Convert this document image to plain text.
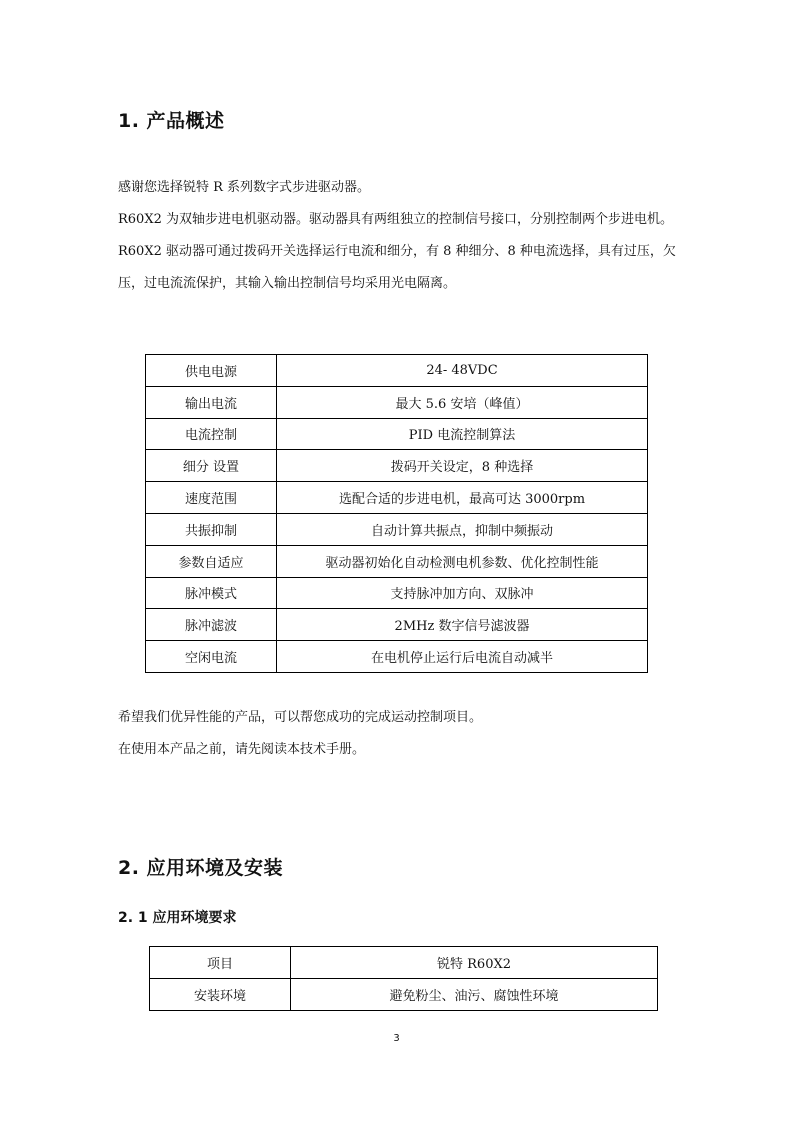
1. 产品概述

感谢您选择锐特 R 系列数字式步进驱动器。

R60X2 为双轴步进电机驱动器。驱动器具有两组独立的控制信号接口，分别控制两个步进电机。

R60X2 驱动器可通过拨码开关选择运行电流和细分，有 8 种细分、8 种电流选择，具有过压，欠压，过电流流保护，其输入输出控制信号均采用光电隔离。

供电电源	24- 48VDC
输出电流	最大 5.6 安培（峰值）
电流控制	PID 电流控制算法
细分 设置	拨码开关设定，8 种选择
速度范围	选配合适的步进电机，最高可达 3000rpm
共振抑制	自动计算共振点，抑制中频振动
参数自适应	驱动器初始化自动检测电机参数、优化控制性能
脉冲模式	支持脉冲加方向、双脉冲
脉冲滤波	2MHz 数字信号滤波器
空闲电流	在电机停止运行后电流自动减半

希望我们优异性能的产品，可以帮您成功的完成运动控制项目。

在使用本产品之前，请先阅读本技术手册。

2. 应用环境及安装
2. 1 应用环境要求
项目	锐特 R60X2
安装环境	避免粉尘、油污、腐蚀性环境
3
